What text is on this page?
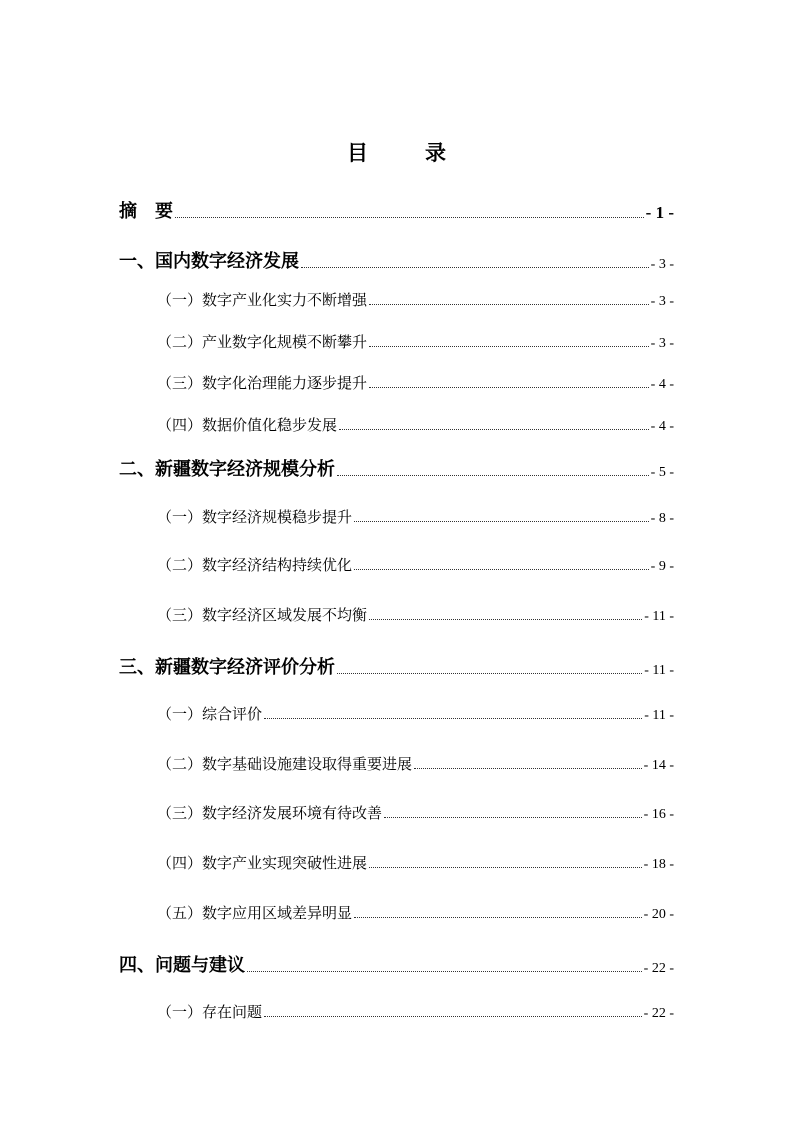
目　录
摘　要	- 1 -
一、国内数字经济发展	- 3 -
（一）数字产业化实力不断增强	- 3 -
（二）产业数字化规模不断攀升	- 3 -
（三）数字化治理能力逐步提升	- 4 -
（四）数据价值化稳步发展	- 4 -
二、新疆数字经济规模分析	- 5 -
（一）数字经济规模稳步提升	- 8 -
（二）数字经济结构持续优化	- 9 -
（三）数字经济区域发展不均衡	- 11 -
三、新疆数字经济评价分析	- 11 -
（一）综合评价	- 11 -
（二）数字基础设施建设取得重要进展	- 14 -
（三）数字经济发展环境有待改善	- 16 -
（四）数字产业实现突破性进展	- 18 -
（五）数字应用区域差异明显	- 20 -
四、问题与建议	- 22 -
（一）存在问题	- 22 -
